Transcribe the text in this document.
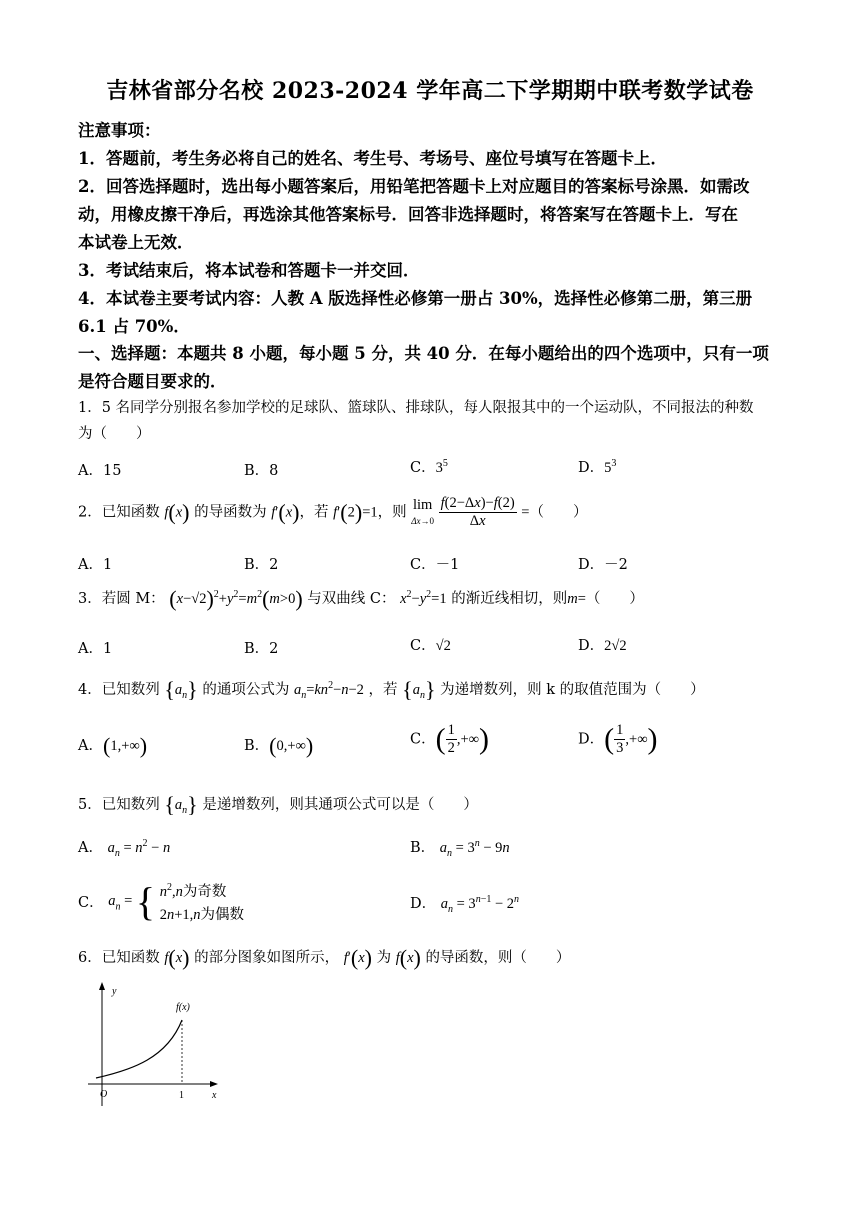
吉林省部分名校 2023-2024 学年高二下学期期中联考数学试卷
注意事项：
1．答题前，考生务必将自己的姓名、考生号、考场号、座位号填写在答题卡上．
2．回答选择题时，选出每小题答案后，用铅笔把答题卡上对应题目的答案标号涂黑．如需改
动，用橡皮擦干净后，再选涂其他答案标号．回答非选择题时，将答案写在答题卡上．写在
本试卷上无效．
3．考试结束后，将本试卷和答题卡一并交回．
4．本试卷主要考试内容：人教 A 版选择性必修第一册占 30%，选择性必修第二册，第三册
6.1 占 70%．
一、选择题：本题共 8 小题，每小题 5 分，共 40 分．在每小题给出的四个选项中，只有一项
是符合题目要求的．
1．5 名同学分别报名参加学校的足球队、篮球队、排球队，每人限报其中的一个运动队，不同报法的种数
为（　　）
A．15	B．8	C．$3^5$	D．$5^3$
2．已知函数 f(x) 的导函数为 f′(x)，若 f′(2)=1，则 lim
$\Delta x\to 0 \frac{f(2-\Delta x)-f(2)}{\Delta x}$ =（　　）
A．1	B．2	C．－1	D．－2
3．若圆 M： $(x-√2)^2+y^2=m^2(m>0)$ 与双曲线 C： $x^2-y^2=1$ 的渐近线相切，则m=（　　）
A．1	B．2	C．√2	D．2√2
4．已知数列 $\{a_n\}$ 的通项公式为 $a_n=kn^2-n-2$ ，若 $\{a_n\}$ 为递增数列，则 k 的取值范围为（　　）
A．(1,+∞)	B．(0,+∞)	C．( $\frac{1}{2}$ ,+∞)	D．( $\frac{1}{3}$ ,+∞)
5．已知数列 $\{a_n\}$ 是递增数列，则其通项公式可以是（　　）
A． $a_n = n^2 - n$	B． $a_n = 3^n - 9n$
C． $a_n$ = { $n^2,n$为奇数
2n+1,n为偶数
D． $a_n = 3^{n-1} - 2^n$
6．已知函数 f(x) 的部分图象如图所示， f′(x) 为 f(x) 的导函数，则（　　）
y
x
O	1
f(x)
